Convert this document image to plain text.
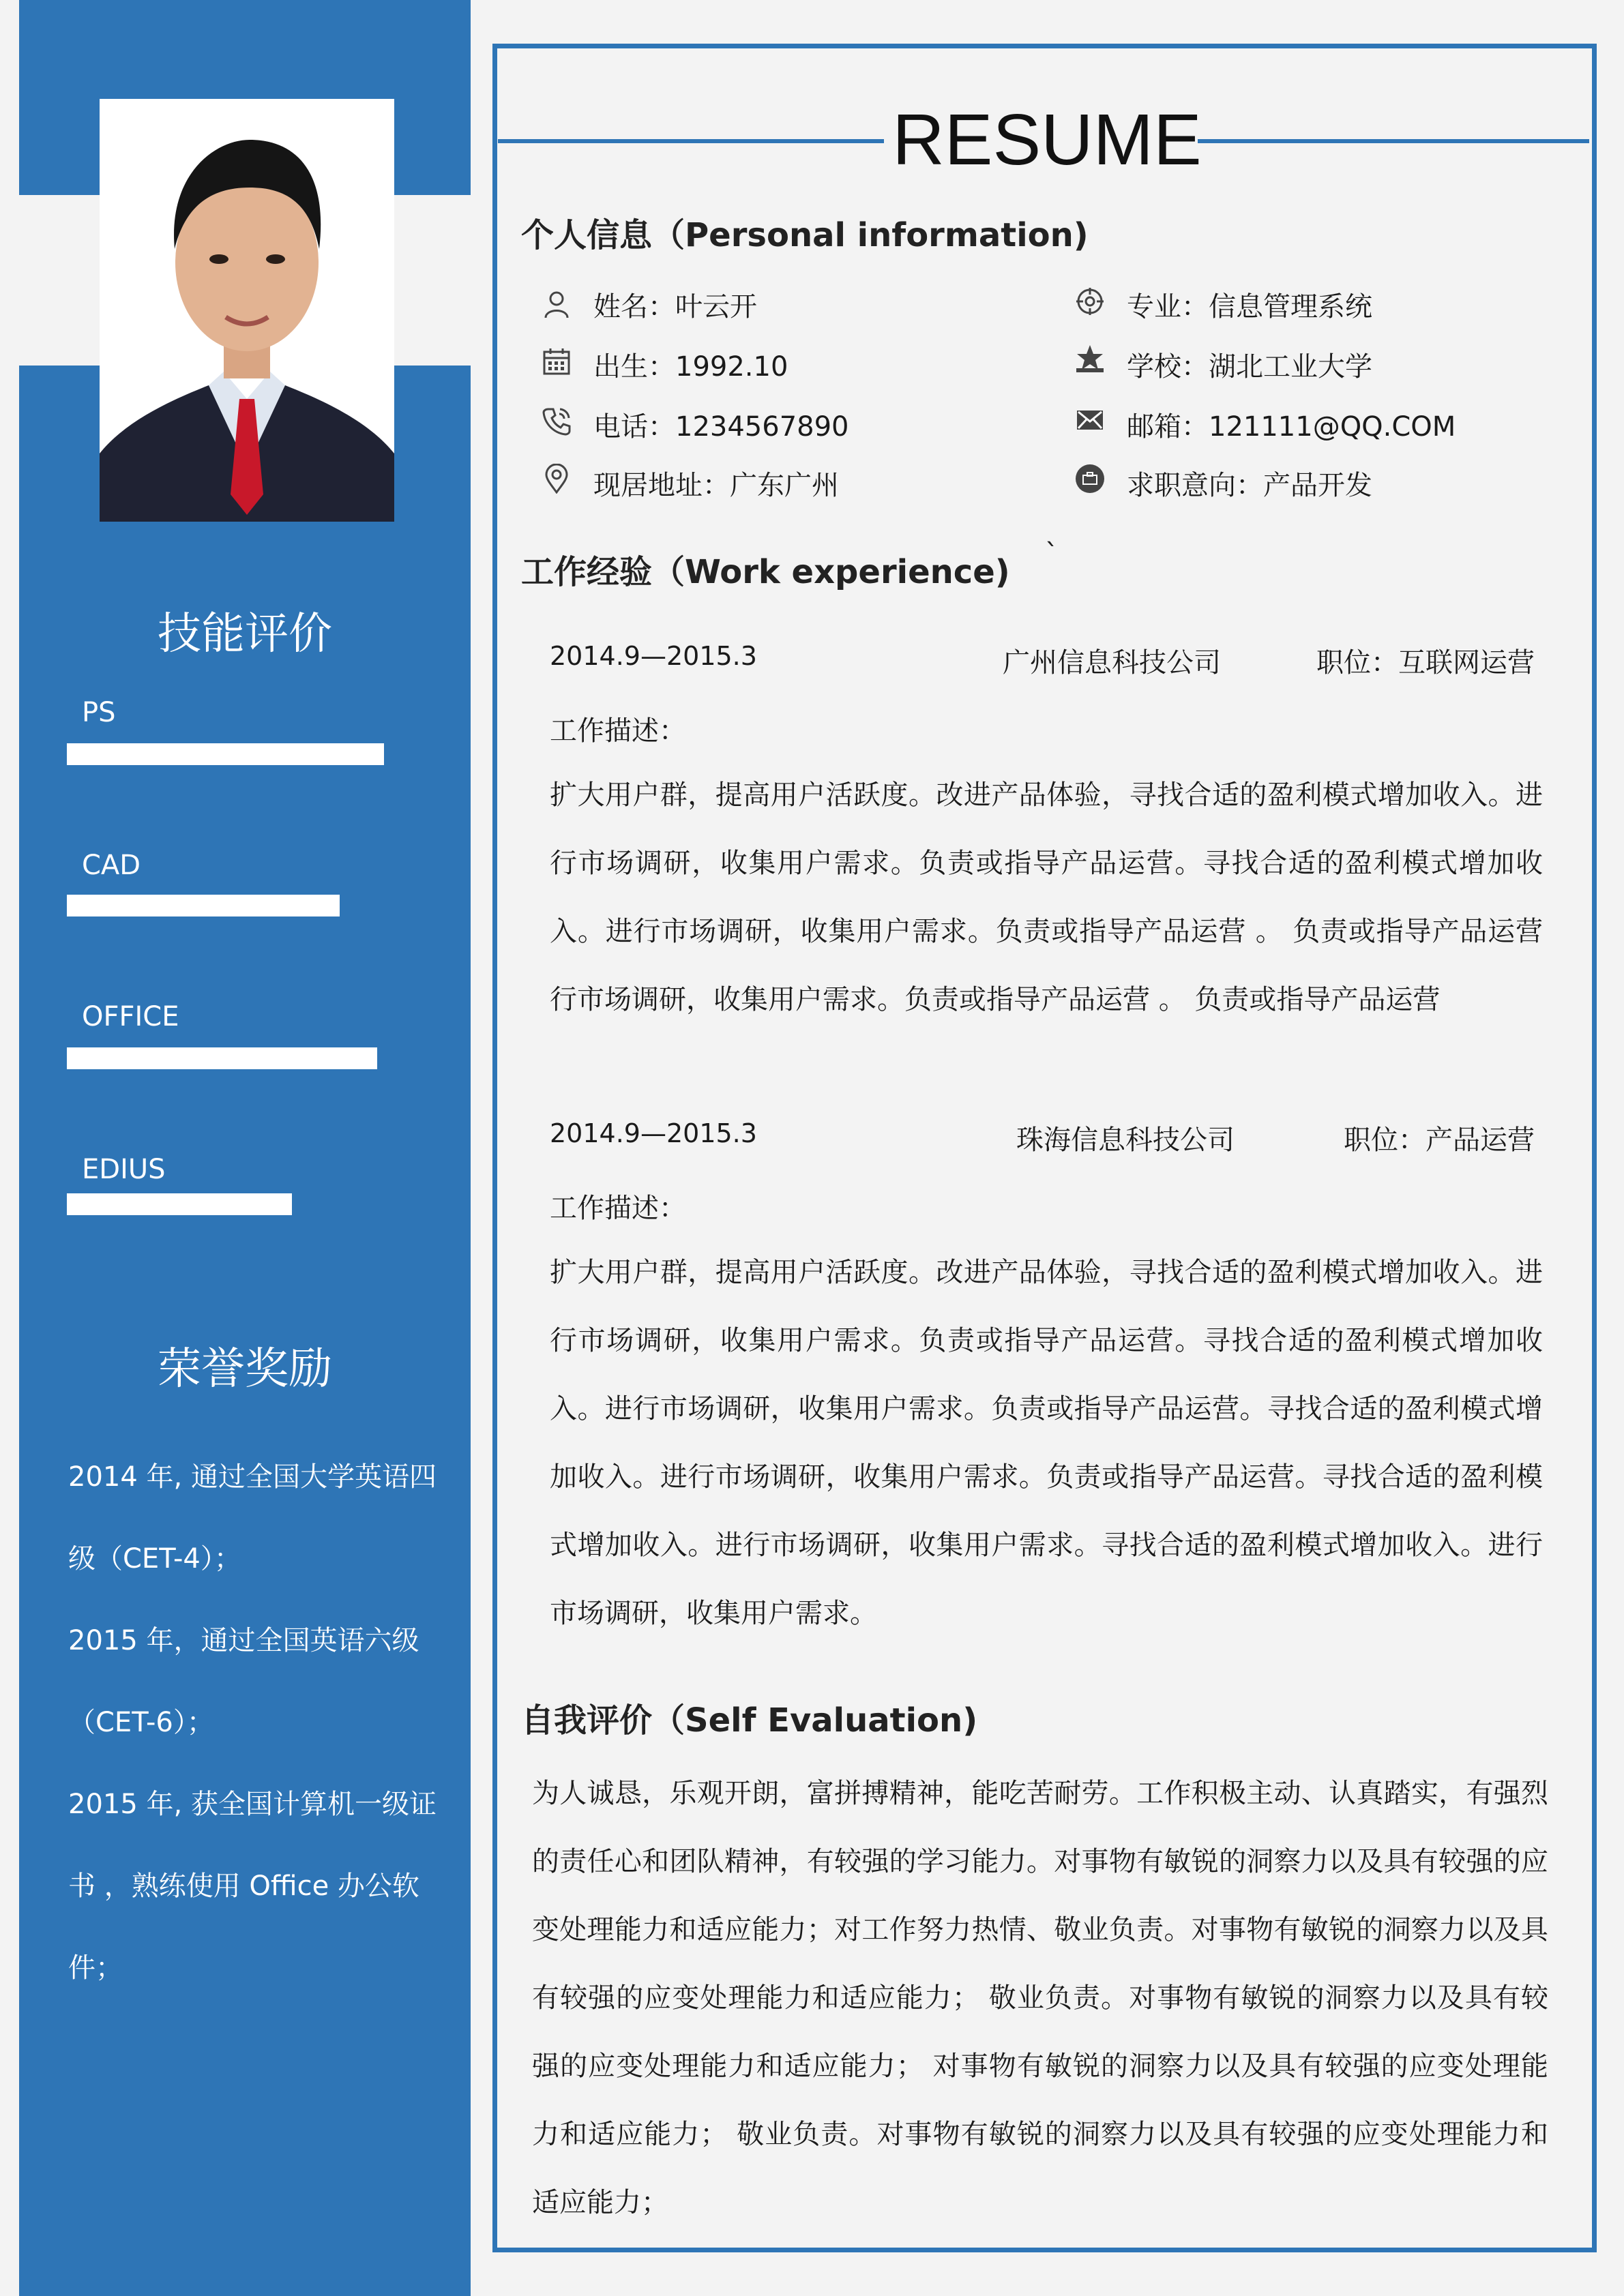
技能评价
PS
CAD
OFFICE
EDIUS
荣誉奖励

2014 年, 通过全国大学英语四级（CET-4）；

2015 年，通过全国英语六级（CET-6）；

2015 年, 获全国计算机一级证书 ，熟练使用 Office 办公软件；

RESUME
个人信息（Personal information)
姓名：叶云开	专业：信息管理系统
出生：1992.10	学校：湖北工业大学
电话：1234567890	邮箱：121111@QQ.COM
现居地址：广东广州	求职意向：产品开发
工作经验（Work experience) `
2014.9—2015.3	广州信息科技公司	职位：互联网运营
工作描述：

扩大用户群，提高用户活跃度。改进产品体验，寻找合适的盈利模式增加收入。进行市场调研，收集用户需求。负责或指导产品运营。寻找合适的盈利模式增加收入。进行市场调研，收集用户需求。负责或指导产品运营 。 负责或指导产品运营 行市场调研，收集用户需求。负责或指导产品运营 。 负责或指导产品运营

2014.9—2015.3	珠海信息科技公司	职位：产品运营
工作描述：

扩大用户群，提高用户活跃度。改进产品体验，寻找合适的盈利模式增加收入。进行市场调研，收集用户需求。负责或指导产品运营。寻找合适的盈利模式增加收入。进行市场调研，收集用户需求。负责或指导产品运营。寻找合适的盈利模式增加收入。进行市场调研，收集用户需求。负责或指导产品运营。寻找合适的盈利模式增加收入。进行市场调研，收集用户需求。寻找合适的盈利模式增加收入。进行市场调研，收集用户需求。

自我评价（Self Evaluation)

为人诚恳，乐观开朗，富拼搏精神，能吃苦耐劳。工作积极主动、认真踏实，有强烈的责任心和团队精神，有较强的学习能力。对事物有敏锐的洞察力以及具有较强的应变处理能力和适应能力；对工作努力热情、敬业负责。对事物有敏锐的洞察力以及具有较强的应变处理能力和适应能力； 敬业负责。对事物有敏锐的洞察力以及具有较强的应变处理能力和适应能力； 对事物有敏锐的洞察力以及具有较强的应变处理能力和适应能力； 敬业负责。对事物有敏锐的洞察力以及具有较强的应变处理能力和适应能力；
